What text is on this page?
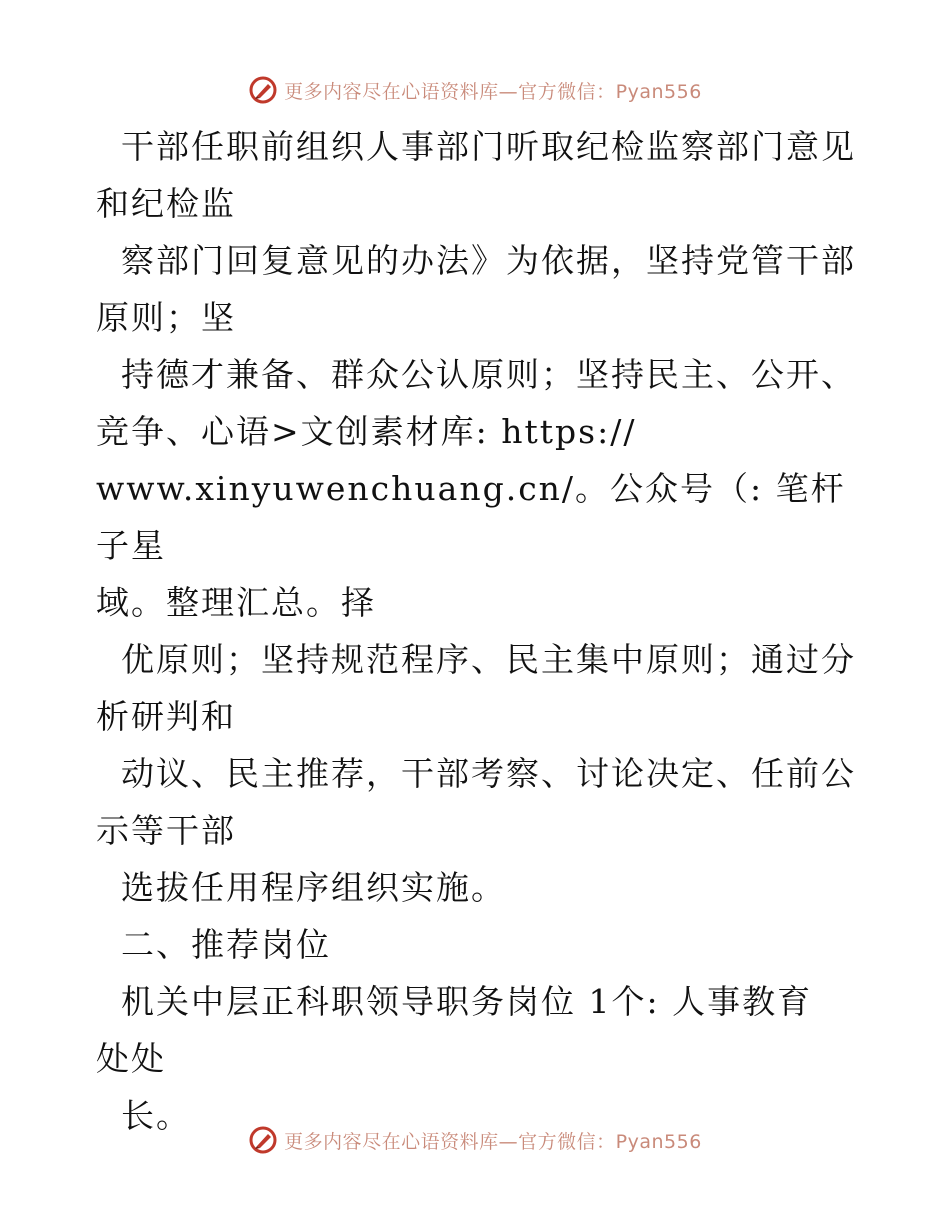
更多内容尽在心语资料库—官方微信：Pyan556

干部任职前组织人事部门听取纪检监察部门意见

和纪检监

察部门回复意见的办法》为依据，坚持党管干部

原则；坚

持德才兼备、群众公认原则；坚持民主、公开、

竞争、心语>文创素材库: https://

www.xinyuwenchuang.cn/。公众号（: 笔杆子星

域。整理汇总。择

优原则；坚持规范程序、民主集中原则；通过分

析研判和

动议、民主推荐，干部考察、讨论决定、任前公

示等干部

选拔任用程序组织实施。

二、推荐岗位

机关中层正科职领导职务岗位 1个: 人事教育

处处

长。

更多内容尽在心语资料库—官方微信：Pyan556
